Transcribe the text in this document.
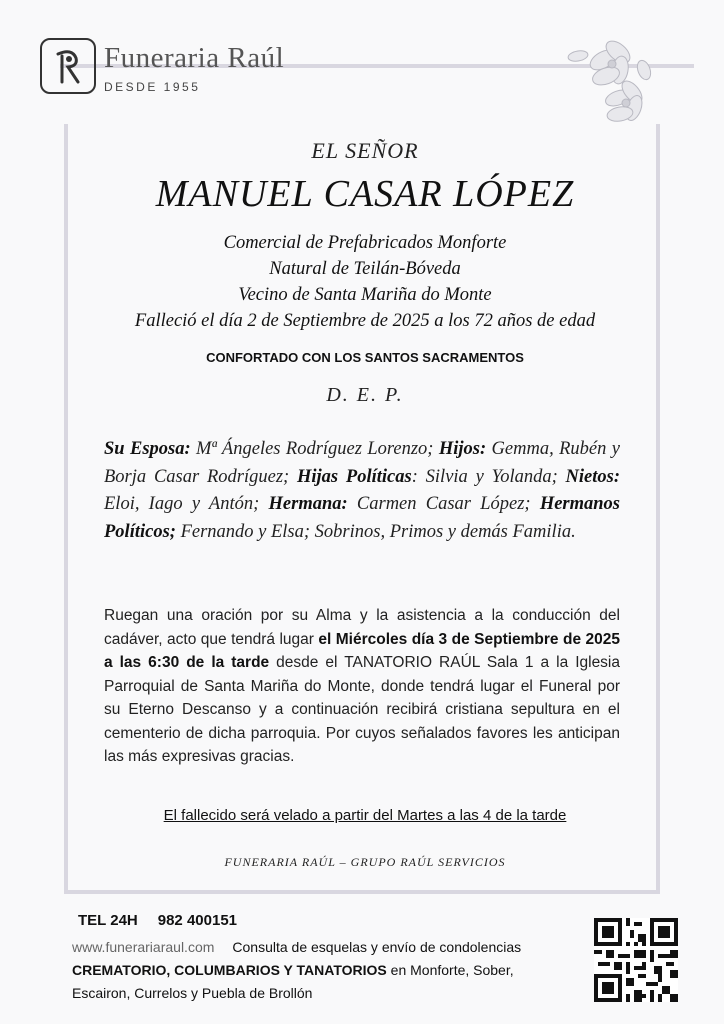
Funeraria Raúl
DESDE 1955
EL SEÑOR
MANUEL CASAR LÓPEZ
Comercial de Prefabricados Monforte
Natural de Teilán-Bóveda
Vecino de Santa Mariña do Monte
Falleció el día 2 de Septiembre de 2025 a los 72 años de edad
CONFORTADO CON LOS SANTOS SACRAMENTOS
D. E. P.
Su Esposa: Mª Ángeles Rodríguez Lorenzo; Hijos: Gemma, Rubén y Borja Casar Rodríguez; Hijas Políticas: Silvia y Yolanda; Nietos: Eloi, Iago y Antón; Hermana: Carmen Casar López; Hermanos Políticos; Fernando y Elsa; Sobrinos, Primos y demás Familia.
Ruegan una oración por su Alma y la asistencia a la conducción del cadáver, acto que tendrá lugar el Miércoles día 3 de Septiembre de 2025 a las 6:30 de la tarde desde el TANATORIO RAÚL Sala 1 a la Iglesia Parroquial de Santa Mariña do Monte, donde tendrá lugar el Funeral por su Eterno Descanso y a continuación recibirá cristiana sepultura en el cementerio de dicha parroquia. Por cuyos señalados favores les anticipan las más expresivas gracias.
El fallecido será velado a partir del Martes a las 4 de la tarde
FUNERARIA RAÚL – GRUPO RAÚL SERVICIOS
TEL 24H 982 400151
www.funerariaraul.com Consulta de esquelas y envío de condolencias CREMATORIO, COLUMBARIOS Y TANATORIOS en Monforte, Sober, Escairon, Currelos y Puebla de Brollón
